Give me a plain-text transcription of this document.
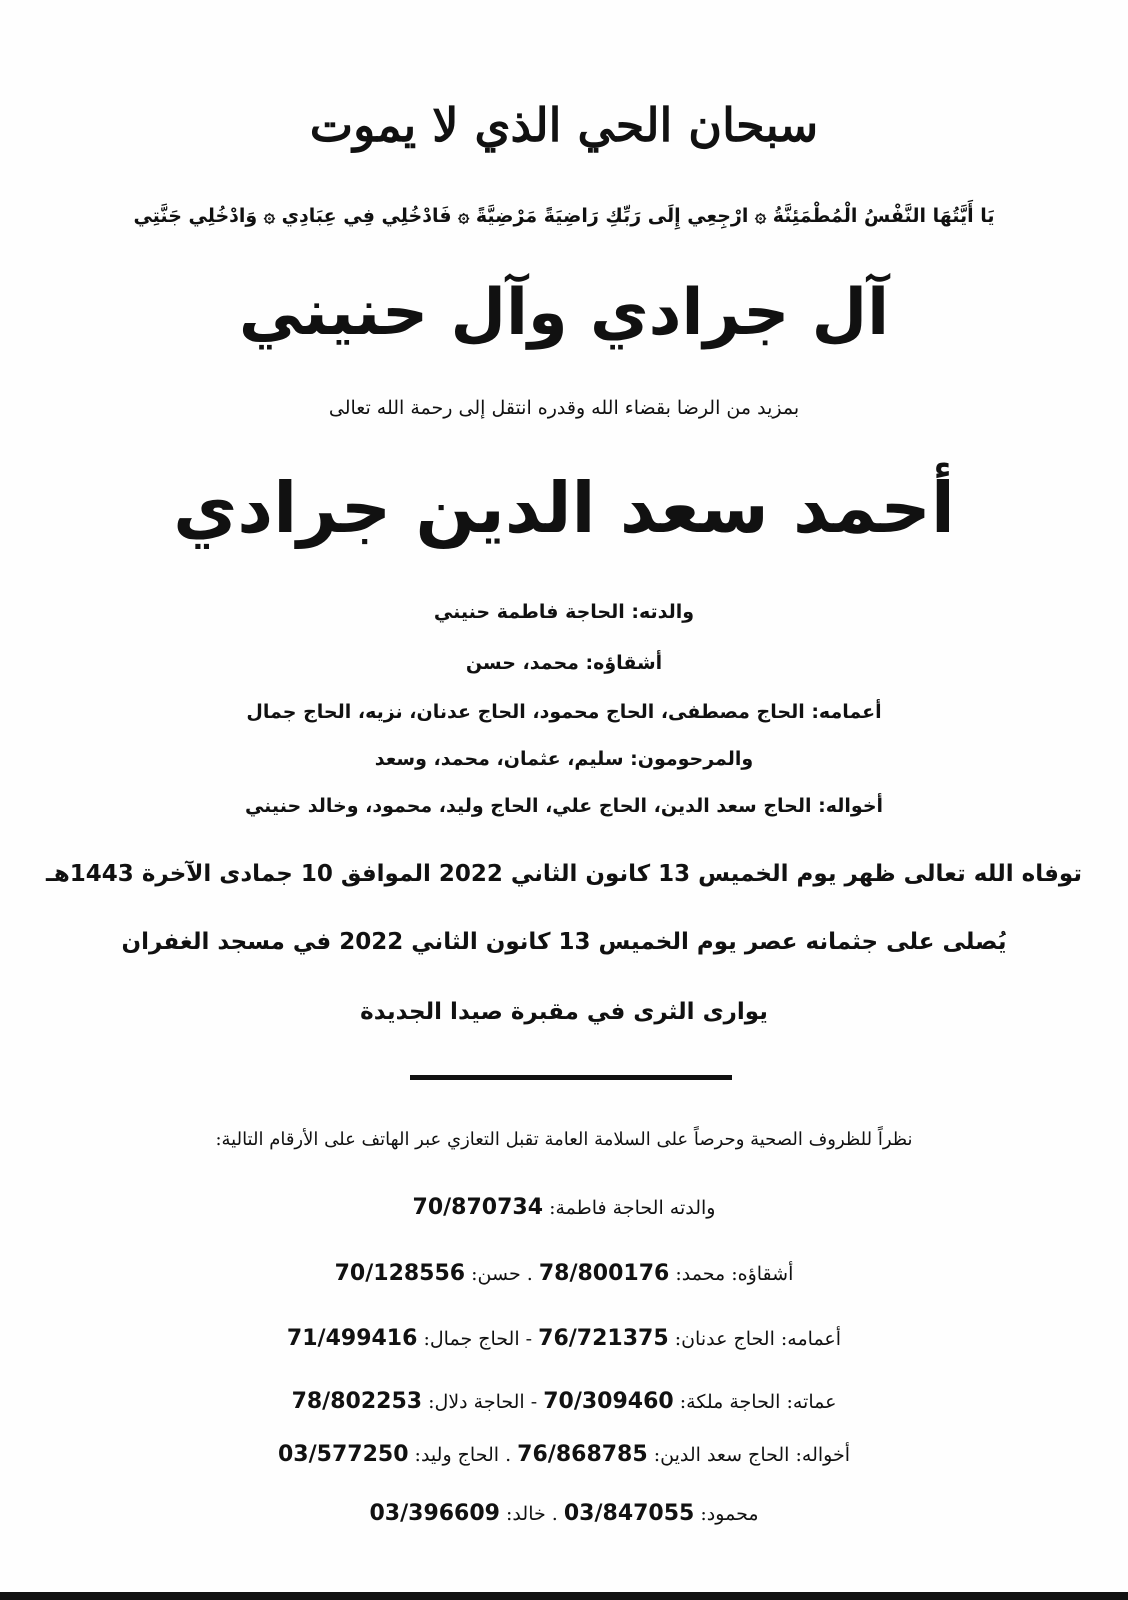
سبحان الحي الذي لا يموت
يَا أَيَّتُهَا النَّفْسُ الْمُطْمَئِنَّةُ ۞ ارْجِعِي إِلَى رَبِّكِ رَاضِيَةً مَرْضِيَّةً ۞ فَادْخُلِي فِي عِبَادِي ۞ وَادْخُلِي جَنَّتِي
آل جرادي وآل حنيني
بمزيد من الرضا بقضاء الله وقدره انتقل إلى رحمة الله تعالى
أحمد سعد الدين جرادي
والدته: الحاجة فاطمة حنيني
أشقاؤه: محمد، حسن
أعمامه: الحاج مصطفى، الحاج محمود، الحاج عدنان، نزيه، الحاج جمال
والمرحومون: سليم، عثمان، محمد، وسعد
أخواله: الحاج سعد الدين، الحاج علي، الحاج وليد، محمود، وخالد حنيني
توفاه الله تعالى ظهر يوم الخميس 13 كانون الثاني 2022 الموافق 10 جمادى الآخرة 1443هـ
يُصلى على جثمانه عصر يوم الخميس 13 كانون الثاني 2022 في مسجد الغفران
يوارى الثرى في مقبرة صيدا الجديدة
نظراً للظروف الصحية وحرصاً على السلامة العامة تقبل التعازي عبر الهاتف على الأرقام التالية:
والدته الحاجة فاطمة: 70/870734
أشقاؤه: محمد: 78/800176 . حسن: 70/128556
أعمامه: الحاج عدنان: 76/721375 - الحاج جمال: 71/499416
عماته: الحاجة ملكة: 70/309460 - الحاجة دلال: 78/802253
أخواله: الحاج سعد الدين: 76/868785 . الحاج وليد: 03/577250
محمود: 03/847055 . خالد: 03/396609
